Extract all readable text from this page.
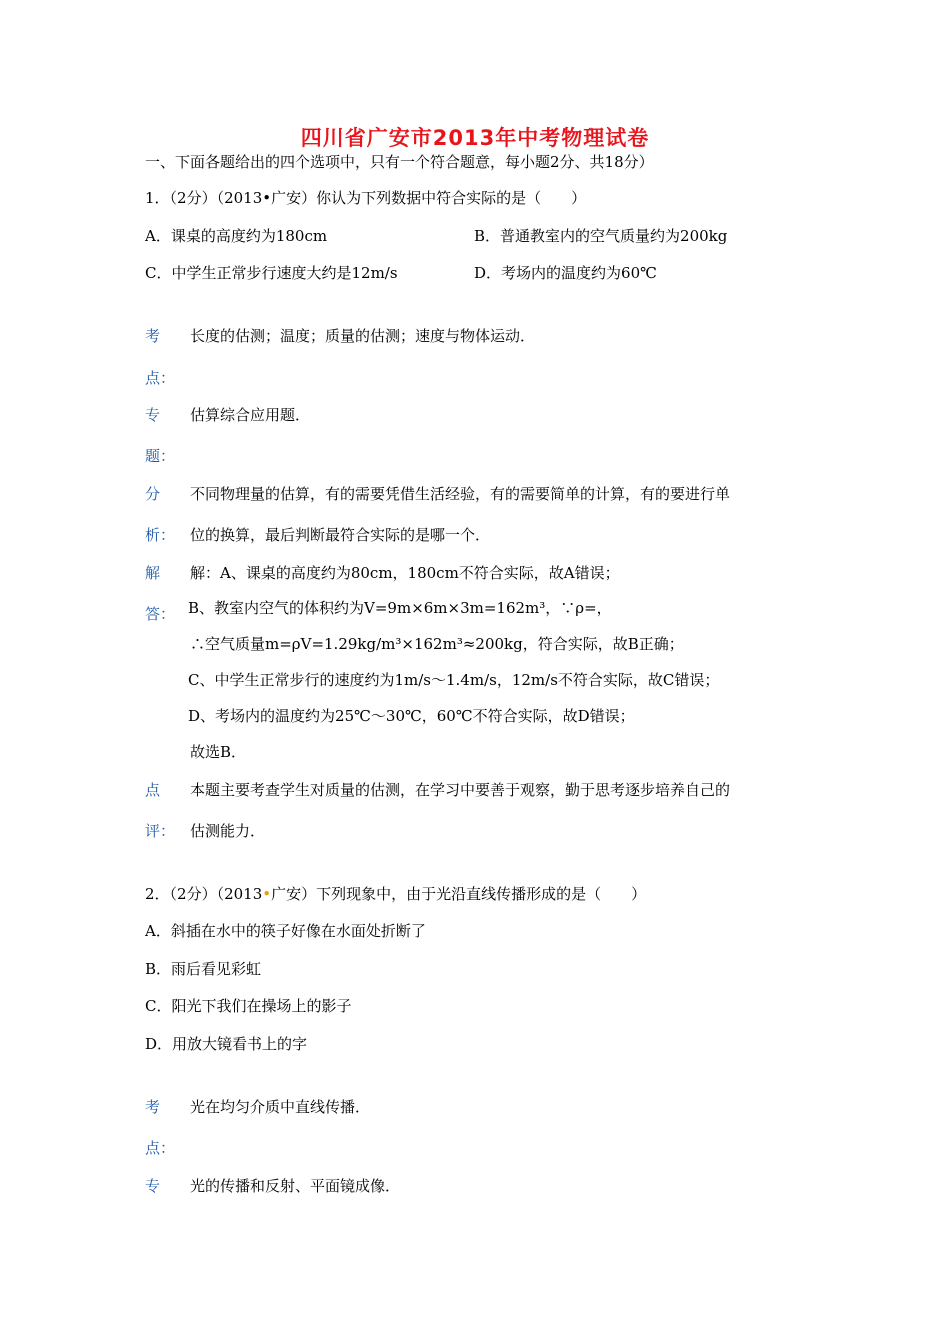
四川省广安市2013年中考物理试卷
一、下面各题给出的四个选项中，只有一个符合题意，每小题2分、共18分）
1．（2分）（2013•广安）你认为下列数据中符合实际的是（　　）
A．课桌的高度约为180cm	B．普通教室内的空气质量约为200kg
C．中学生正常步行速度大约是12m/s	D．考场内的温度约为60℃
考 长度的估测；温度；质量的估测；速度与物体运动．
点：
专 估算综合应用题．
题：
分 不同物理量的估算，有的需要凭借生活经验，有的需要简单的计算，有的要进行单
析： 位的换算，最后判断最符合实际的是哪一个．
解 解：A、课桌的高度约为80cm，180cm不符合实际，故A错误；
答： B、教室内空气的体积约为V=9m×6m×3m=162m³，∵ρ=，
∴空气质量m=ρV=1.29kg/m³×162m³≈200kg，符合实际，故B正确；
C、中学生正常步行的速度约为1m/s～1.4m/s，12m/s不符合实际，故C错误；
D、考场内的温度约为25℃～30℃，60℃不符合实际，故D错误；
故选B．
点 本题主要考查学生对质量的估测，在学习中要善于观察，勤于思考逐步培养自己的
评： 估测能力．
2．（2分）（2013•广安）下列现象中，由于光沿直线传播形成的是（　　）
A．斜插在水中的筷子好像在水面处折断了
B．雨后看见彩虹
C．阳光下我们在操场上的影子
D．用放大镜看书上的字
考 光在均匀介质中直线传播．
点：
专 光的传播和反射、平面镜成像．
